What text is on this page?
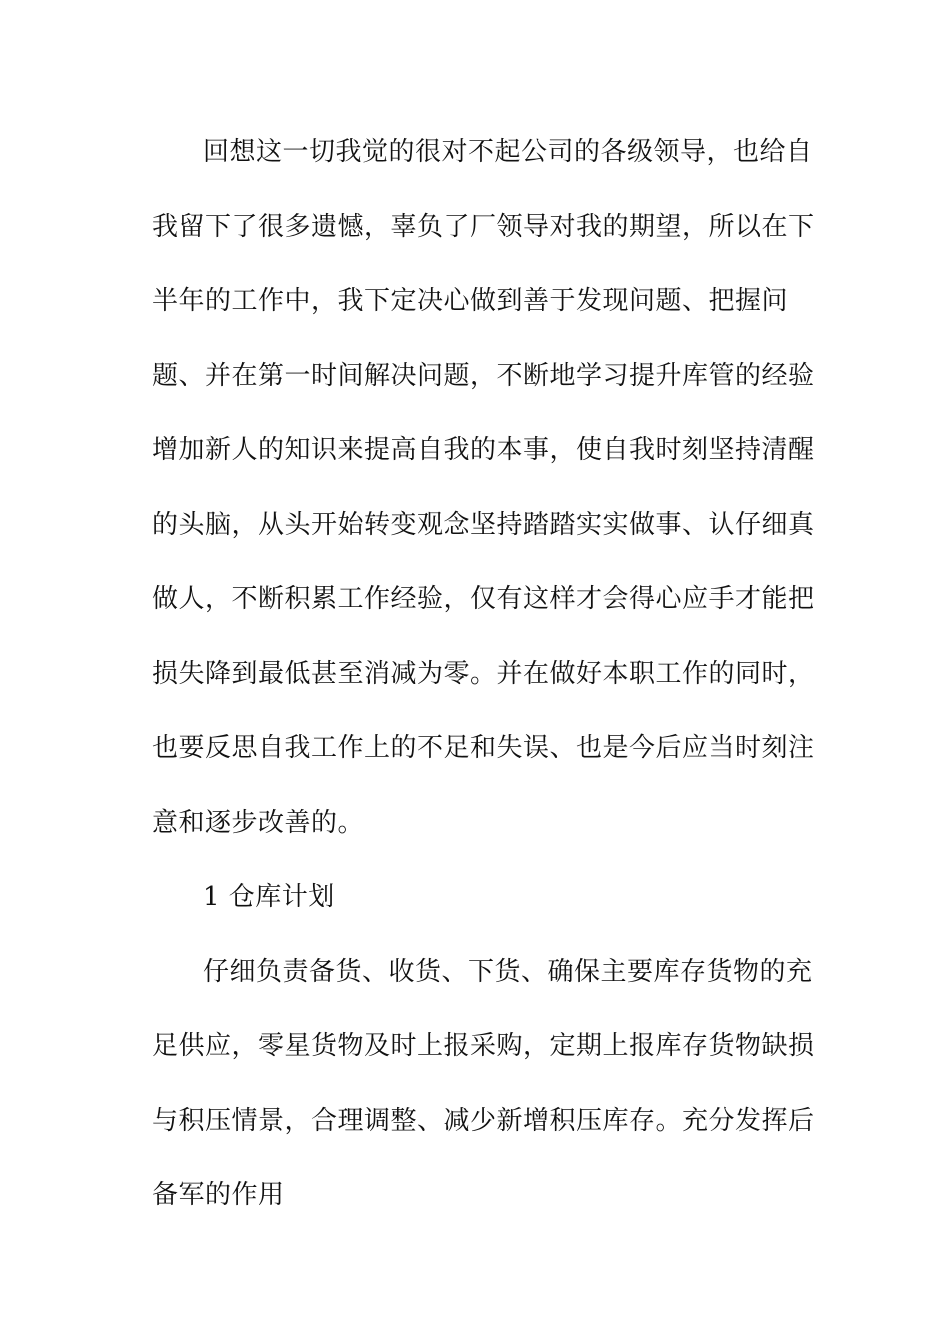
回想这一切我觉的很对不起公司的各级领导，也给自
我留下了很多遗憾，辜负了厂领导对我的期望，所以在下
半年的工作中，我下定决心做到善于发现问题、把握问
题、并在第一时间解决问题，不断地学习提升库管的经验
增加新人的知识来提高自我的本事，使自我时刻坚持清醒
的头脑，从头开始转变观念坚持踏踏实实做事、认仔细真
做人，不断积累工作经验，仅有这样才会得心应手才能把
损失降到最低甚至消减为零。并在做好本职工作的同时，
也要反思自我工作上的不足和失误、也是今后应当时刻注
意和逐步改善的。
1 仓库计划
仔细负责备货、收货、下货、确保主要库存货物的充
足供应，零星货物及时上报采购，定期上报库存货物缺损
与积压情景，合理调整、减少新增积压库存。充分发挥后
备军的作用
